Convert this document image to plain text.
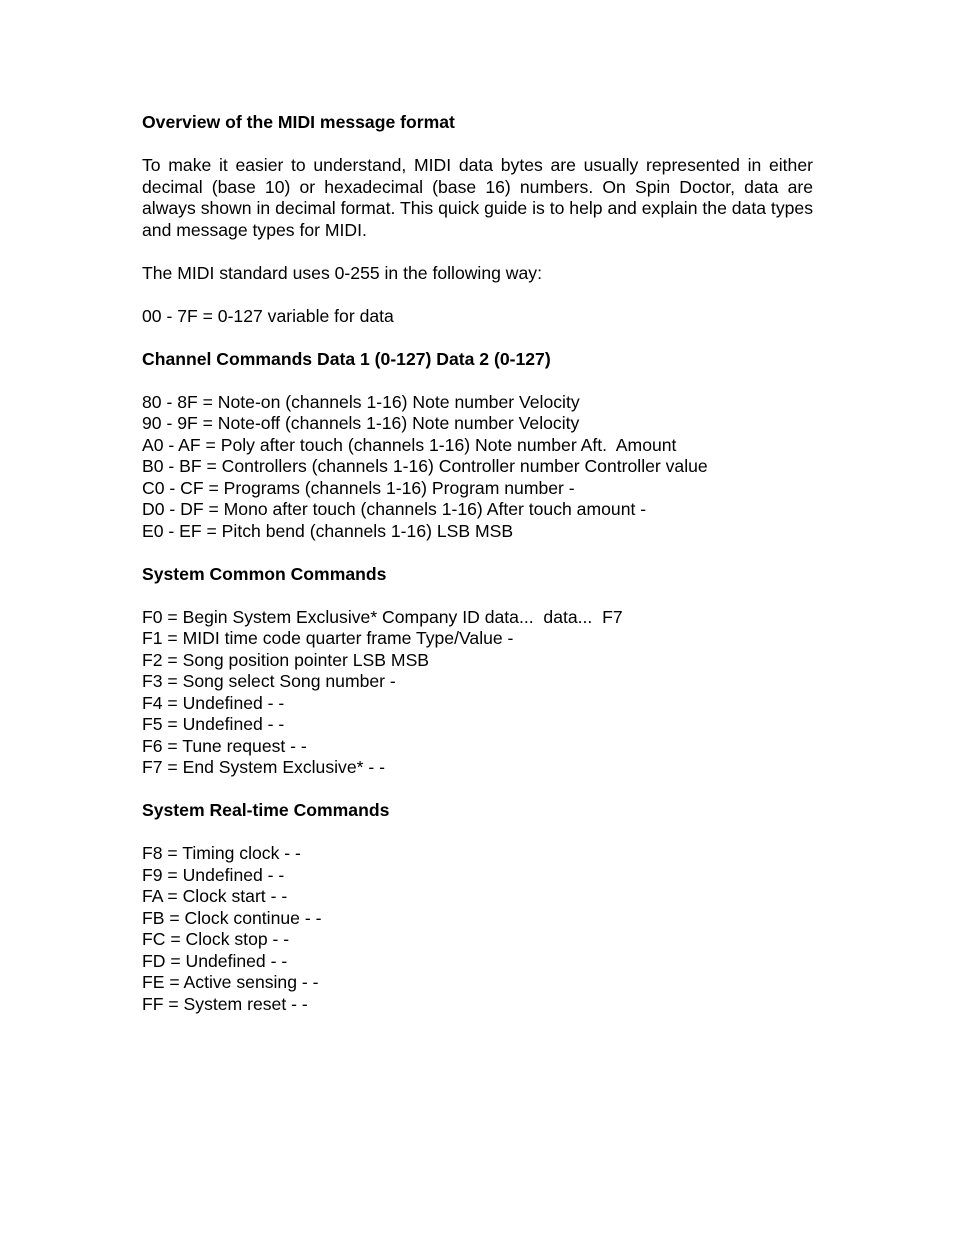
Overview of the MIDI message format

To make it easier to understand, MIDI data bytes are usually represented in either decimal (base 10) or hexadecimal (base 16) numbers. On Spin Doctor, data are always shown in decimal format. This quick guide is to help and explain the data types and message types for MIDI.

The MIDI standard uses 0-255 in the following way:

00 - 7F = 0-127 variable for data

Channel Commands Data 1 (0-127) Data 2 (0-127)

80 - 8F = Note-on (channels 1-16) Note number Velocity

90 - 9F = Note-off (channels 1-16) Note number Velocity

A0 - AF = Poly after touch (channels 1-16) Note number Aft.  Amount

B0 - BF = Controllers (channels 1-16) Controller number Controller value

C0 - CF = Programs (channels 1-16) Program number -

D0 - DF = Mono after touch (channels 1-16) After touch amount -

E0 - EF = Pitch bend (channels 1-16) LSB MSB

System Common Commands

F0 = Begin System Exclusive* Company ID data...  data...  F7

F1 = MIDI time code quarter frame Type/Value -

F2 = Song position pointer LSB MSB

F3 = Song select Song number -

F4 = Undefined - -

F5 = Undefined - -

F6 = Tune request - -

F7 = End System Exclusive* - -

System Real-time Commands

F8 = Timing clock - -

F9 = Undefined - -

FA = Clock start - -

FB = Clock continue - -

FC = Clock stop - -

FD = Undefined - -

FE = Active sensing - -

FF = System reset - -
